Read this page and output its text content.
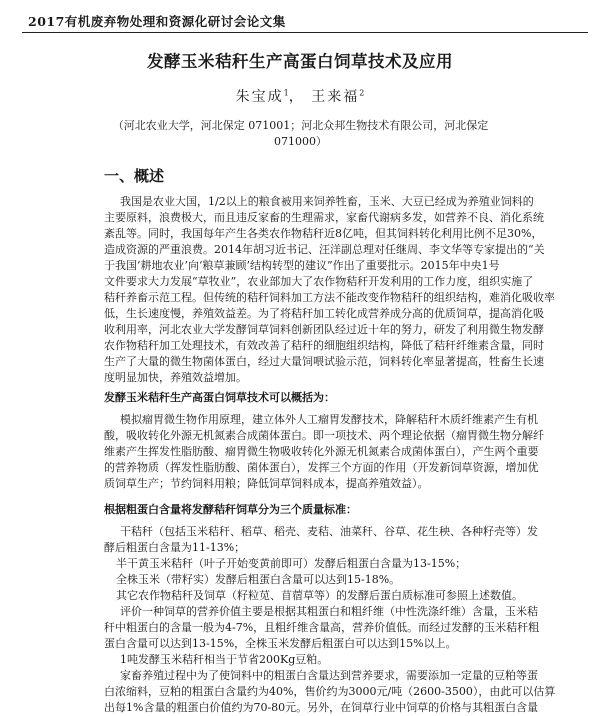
2017有机废弃物处理和资源化研讨会论文集
发酵玉米秸秆生产高蛋白饲草技术及应用
朱宝成$^1$， 王来福$^2$
（河北农业大学，河北保定 071001；河北众邦生物技术有限公司，河北保定
071000）
一、概述
我国是农业大国，1/2以上的粮食被用来饲养牲畜，玉米、大豆已经成为养殖业饲料的
主要原料，浪费极大，而且违反家畜的生理需求，家畜代谢病多发，如营养不良、消化系统
紊乱等。同时，我国每年产生各类农作物秸秆近8亿吨，但其饲料转化利用比例不足30%，
造成资源的严重浪费。2014年胡习近书记、汪洋副总理对任继周、李文华等专家提出的“关
于我国‘耕地农业’向‘粮草兼顾’结构转型的建议”作出了重要批示。2015年中央1号
文件要求大力发展“草牧业”，农业部加大了农作物秸秆开发利用的工作力度，组织实施了
秸秆养畜示范工程。但传统的秸秆饲料加工方法不能改变作物秸秆的组织结构，难消化吸收率
低，生长速度慢，养殖效益差。为了将秸秆加工转化成营养成分高的优质饲草，提高消化吸
收利用率，河北农业大学发酵饲草饲料创新团队经过近十年的努力，研发了利用微生物发酵
农作物秸秆加工处理技术，有效改善了秸秆的细胞组织结构，降低了秸秆纤维素含量，同时
生产了大量的微生物菌体蛋白，经过大量饲喂试验示范，饲料转化率显著提高，牲畜生长速
度明显加快，养殖效益增加。
发酵玉米秸秆生产高蛋白饲草技术可以概括为：
模拟瘤胃微生物作用原理，建立体外人工瘤胃发酵技术，降解秸秆木质纤维素产生有机
酸，吸收转化外源无机氮素合成菌体蛋白。即一项技术、两个理论依据（瘤胃微生物分解纤
维素产生挥发性脂肪酸、瘤胃微生物吸收转化外源无机氮素合成菌体蛋白），产生两个重要
的营养物质（挥发性脂肪酸、菌体蛋白），发挥三个方面的作用（开发新饲草资源，增加优
质饲草生产；节约饲料用粮；降低饲草饲料成本，提高养殖效益）。
根据粗蛋白含量将发酵秸秆饲草分为三个质量标准：
干秸秆（包括玉米秸秆、稻草、稻壳、麦秸、油菜秆、谷草、花生秧、各种籽壳等）发
酵后粗蛋白含量为11-13%；
半干黄玉米秸秆（叶子开始变黄前即可）发酵后粗蛋白含量为13-15%；
全株玉米（带籽实）发酵后粗蛋白含量可以达到15-18%。
其它农作物秸秆及饲草（籽粒苋、苜蓿草等）的发酵后蛋白质标准可参照上述数值。
评价一种饲草的营养价值主要是根据其粗蛋白和粗纤维（中性洗涤纤维）含量，玉米秸
秆中粗蛋白的含量一般为4-7%，且粗纤维含量高，营养价值低。而经过发酵的玉米秸秆粗
蛋白含量可以达到13-15%，全株玉米发酵后粗蛋白可以达到15%以上。
1吨发酵玉米秸秆相当于节省200Kg豆粕。
家畜养殖过程中为了使饲料中的粗蛋白含量达到营养要求，需要添加一定量的豆粕等蛋
白浓缩料，豆粕的粗蛋白含量约为40%，售价约为3000元/吨（2600-3500），由此可以估算
出每1%含量的粗蛋白价值约为70-80元。另外，在饲草行业中饲草的价格与其粗蛋白含量
